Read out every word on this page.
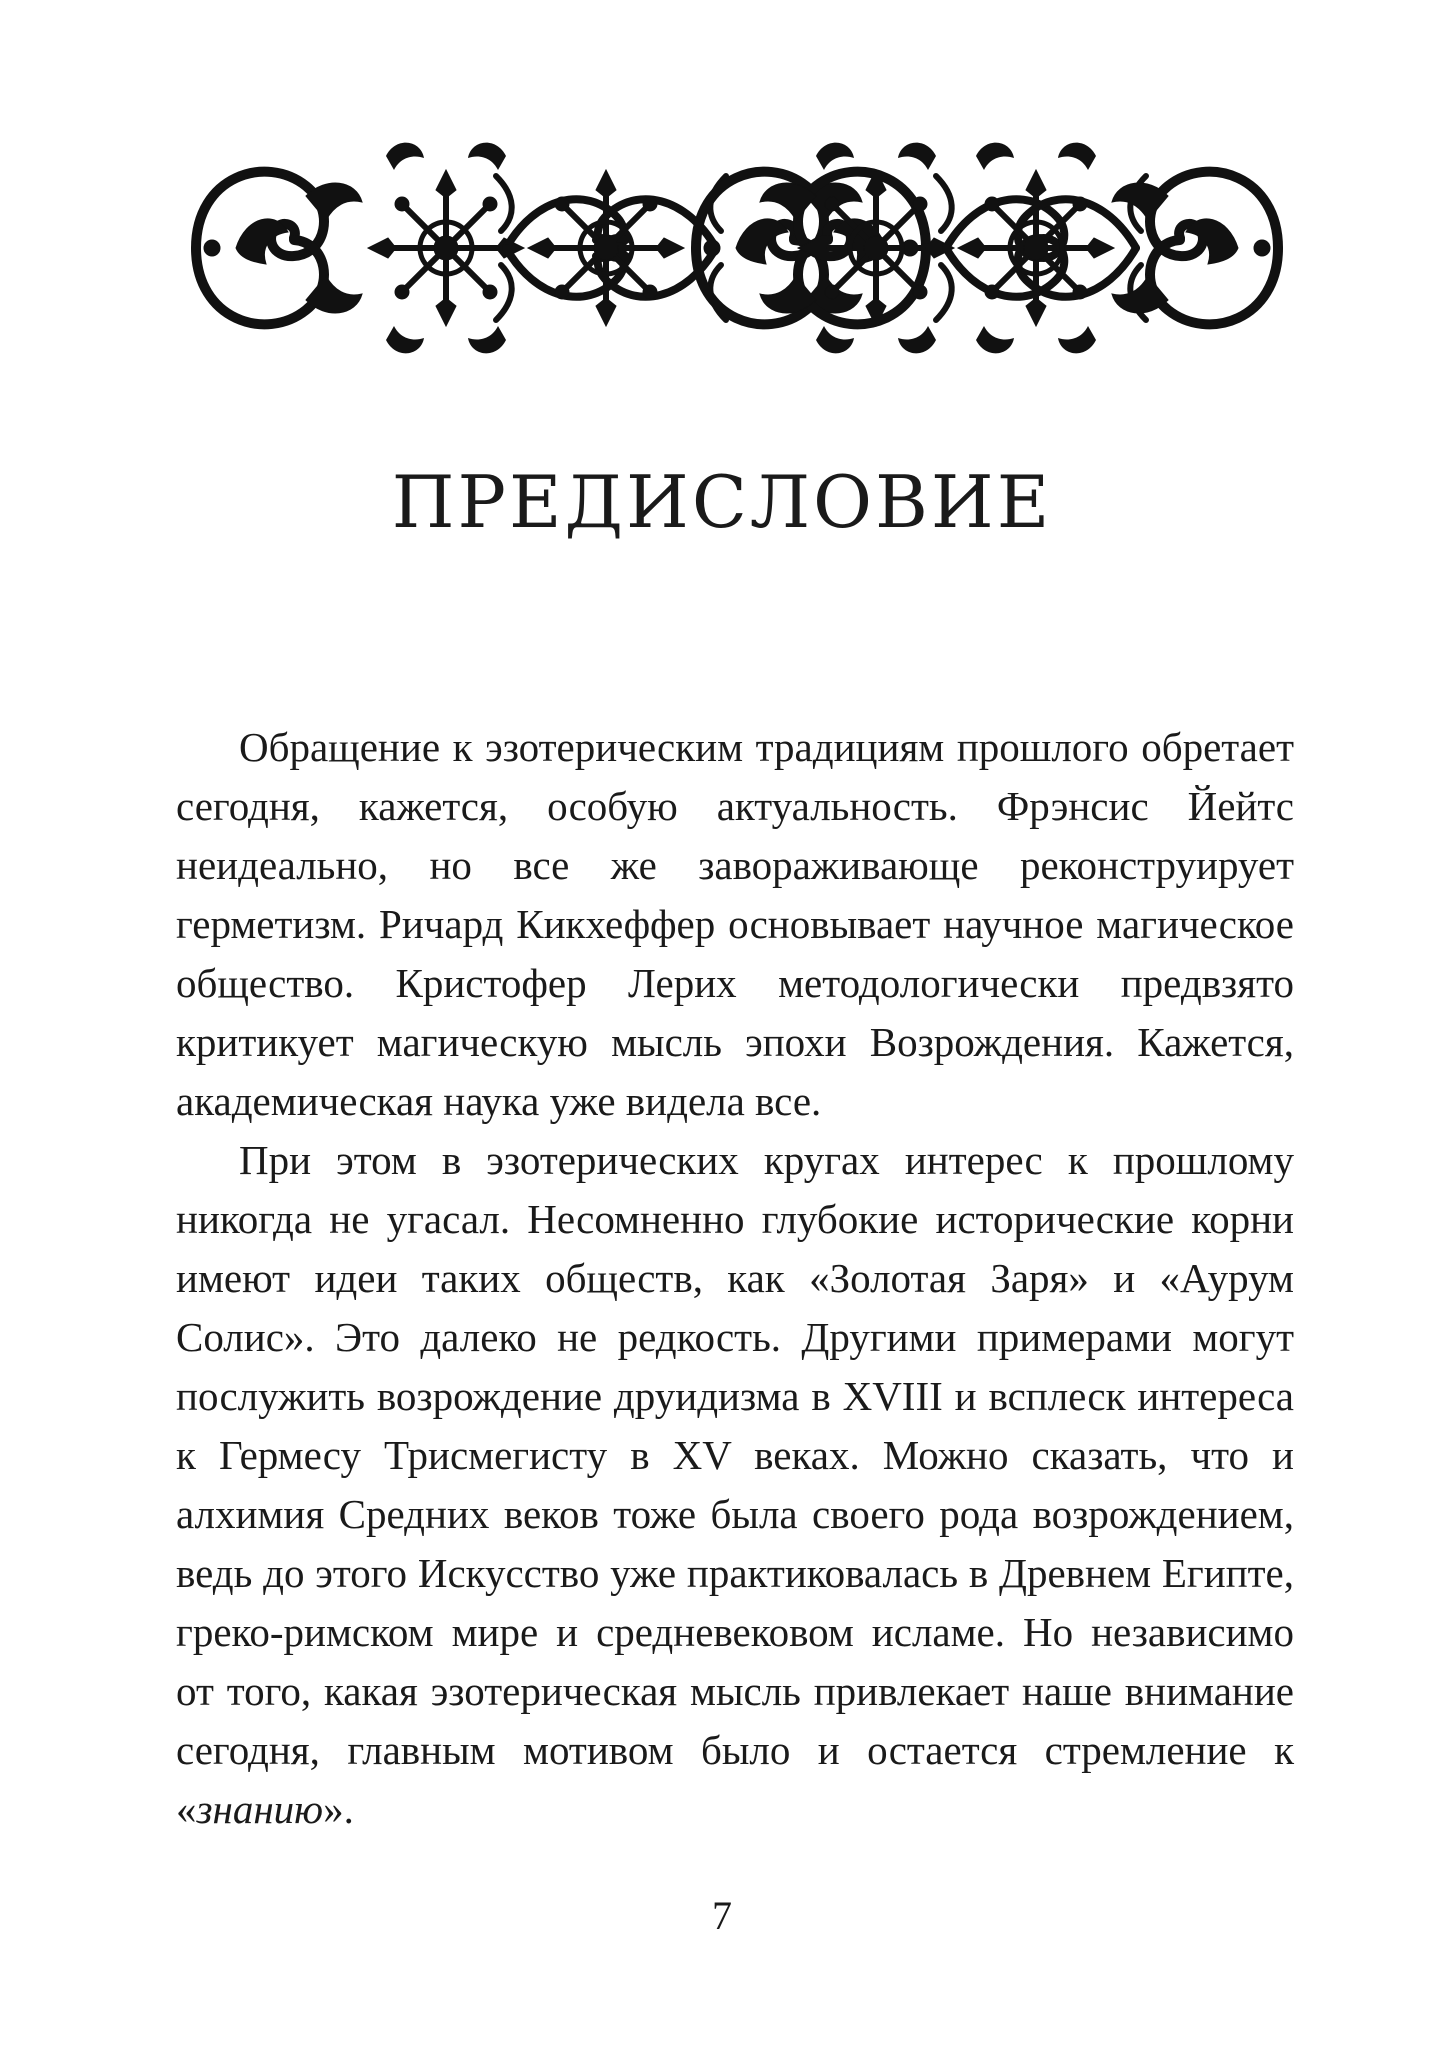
ПРЕДИСЛОВИЕ

Обращение к эзотерическим традициям прошлого обретает сегодня, кажется, особую актуальность. Фрэнсис Йейтс неидеально, но все же завораживающе реконструирует герметизм. Ричард Кикхеффер основывает научное магическое общество. Кристофер Лерих методологически предвзято критикует магическую мысль эпохи Возрождения. Кажется, академическая наука уже видела все.

При этом в эзотерических кругах интерес к прошлому никогда не угасал. Несомненно глубокие исторические корни имеют идеи таких обществ, как «Золотая Заря» и «Аурум Солис». Это далеко не редкость. Другими примерами могут послужить возрождение друидизма в XVIII и всплеск интереса к Гермесу Трисмегисту в XV веках. Можно сказать, что и алхимия Средних веков тоже была своего рода возрождением, ведь до этого Искусство уже практиковалась в Древнем Египте, греко-римском мире и средневековом исламе. Но независимо от того, какая эзотерическая мысль привлекает наше внимание сегодня, главным мотивом было и остается стремление к «знанию».

7
